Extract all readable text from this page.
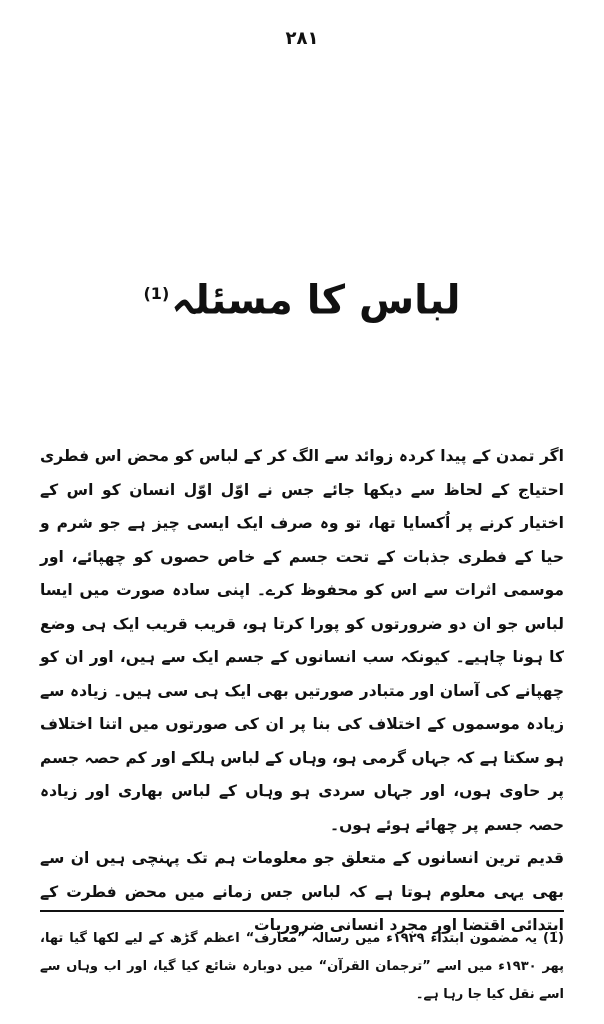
۲۸۱
لباس کا مسئلہ$^{(1)}$

اگر تمدن کے پیدا کردہ زوائد سے الگ کر کے لباس کو محض اس فطری احتیاج کے لحاظ سے دیکھا جائے جس نے اوّل اوّل انسان کو اس کے اختیار کرنے پر اُکسایا تھا، تو وہ صرف ایک ایسی چیز ہے جو شرم و حیا کے فطری جذبات کے تحت جسم کے خاص حصوں کو چھپائے، اور موسمی اثرات سے اس کو محفوظ کرے۔ اپنی سادہ صورت میں ایسا لباس جو ان دو ضرورتوں کو پورا کرتا ہو، قریب قریب ایک ہی وضع کا ہونا چاہیے۔ کیونکہ سب انسانوں کے جسم ایک سے ہیں، اور ان کو چھپانے کی آسان اور متبادر صورتیں بھی ایک ہی سی ہیں۔ زیادہ سے زیادہ موسموں کے اختلاف کی بنا پر ان کی صورتوں میں اتنا اختلاف ہو سکتا ہے کہ جہاں گرمی ہو، وہاں کے لباس ہلکے اور کم حصہ جسم پر حاوی ہوں، اور جہاں سردی ہو وہاں کے لباس بھاری اور زیادہ حصہ جسم پر چھائے ہوئے ہوں۔

قدیم ترین انسانوں کے متعلق جو معلومات ہم تک پہنچی ہیں ان سے بھی یہی معلوم ہوتا ہے کہ لباس جس زمانے میں محض فطرت کے ابتدائی اقتضا اور مجرد انسانی ضروریات

(1) یہ مضمون ابتداء ۱۹۲۹ء میں رسالہ ”معارف“ اعظم گڑھ کے لیے لکھا گیا تھا، پھر ۱۹۳۰ء میں اسے ”ترجمان القرآن“ میں دوبارہ شائع کیا گیا، اور اب وہاں سے اسے نقل کیا جا رہا ہے۔
